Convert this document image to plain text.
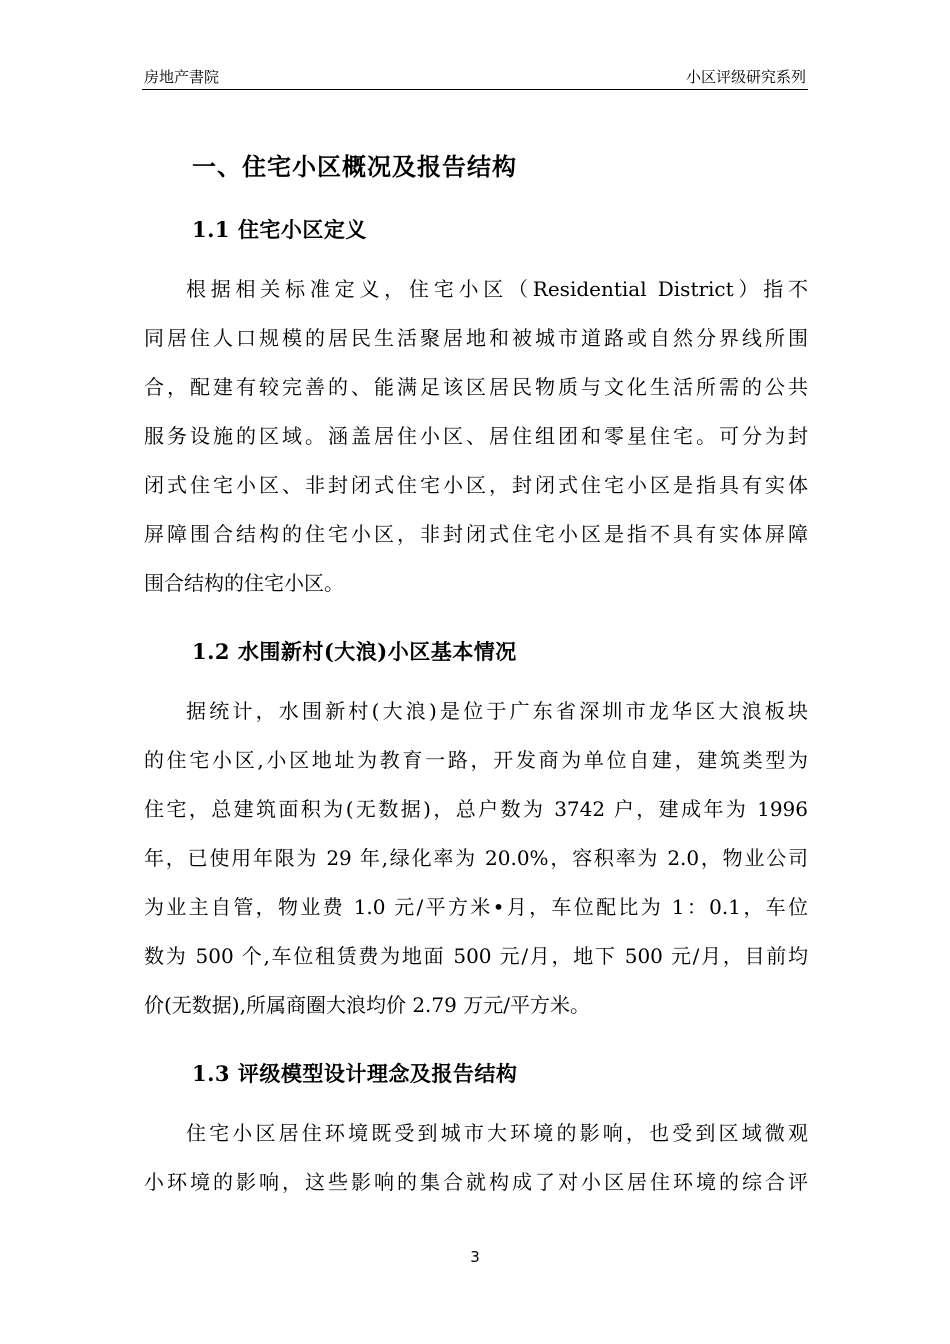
房地产書院	小区评级研究系列
一、住宅小区概况及报告结构
1.1 住宅小区定义
根据相关标准定义，住宅小区（Residential District）指不
同居住人口规模的居民生活聚居地和被城市道路或自然分界线所围
合，配建有较完善的、能满足该区居民物质与文化生活所需的公共
服务设施的区域。涵盖居住小区、居住组团和零星住宅。可分为封
闭式住宅小区、非封闭式住宅小区，封闭式住宅小区是指具有实体
屏障围合结构的住宅小区，非封闭式住宅小区是指不具有实体屏障
围合结构的住宅小区。
1.2 水围新村(大浪)小区基本情况
据统计，水围新村(大浪)是位于广东省深圳市龙华区大浪板块
的住宅小区,小区地址为教育一路，开发商为单位自建，建筑类型为
住宅，总建筑面积为(无数据)，总户数为 3742 户，建成年为 1996
年，已使用年限为 29 年,绿化率为 20.0%，容积率为 2.0，物业公司
为业主自管，物业费 1.0 元/平方米•月，车位配比为 1：0.1，车位
数为 500 个,车位租赁费为地面 500 元/月，地下 500 元/月，目前均
价(无数据),所属商圈大浪均价 2.79 万元/平方米。
1.3 评级模型设计理念及报告结构
住宅小区居住环境既受到城市大环境的影响，也受到区域微观
小环境的影响，这些影响的集合就构成了对小区居住环境的综合评
3
